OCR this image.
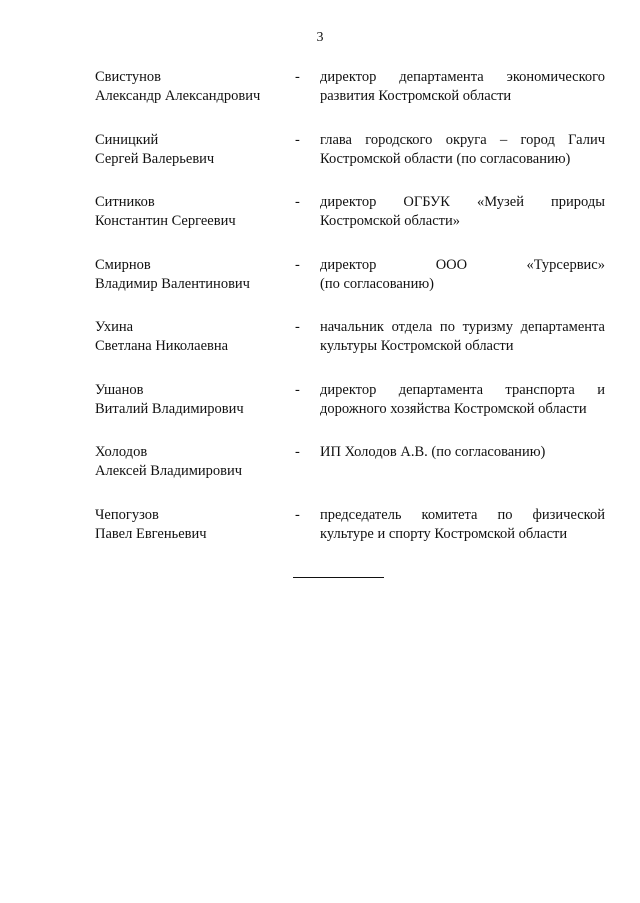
3
Свистунов
Александр Александрович
-	директор департамента экономического
развития Костромской области
Синицкий
Сергей Валерьевич
-	глава городского округа – город Галич
Костромской области (по согласованию)
Ситников
Константин Сергеевич
-	директор ОГБУК «Музей природы
Костромской области»
Смирнов
Владимир Валентинович
-	директор ООО «Турсервис»
(по согласованию)
Ухина
Светлана Николаевна
-	начальник отдела по туризму департамента
культуры Костромской области
Ушанов
Виталий Владимирович
-	директор департамента транспорта и
дорожного хозяйства Костромской области
Холодов
Алексей Владимирович
-	ИП Холодов А.В. (по согласованию)
Чепогузов
Павел Евгеньевич
-	председатель комитета по физической
культуре и спорту Костромской области
